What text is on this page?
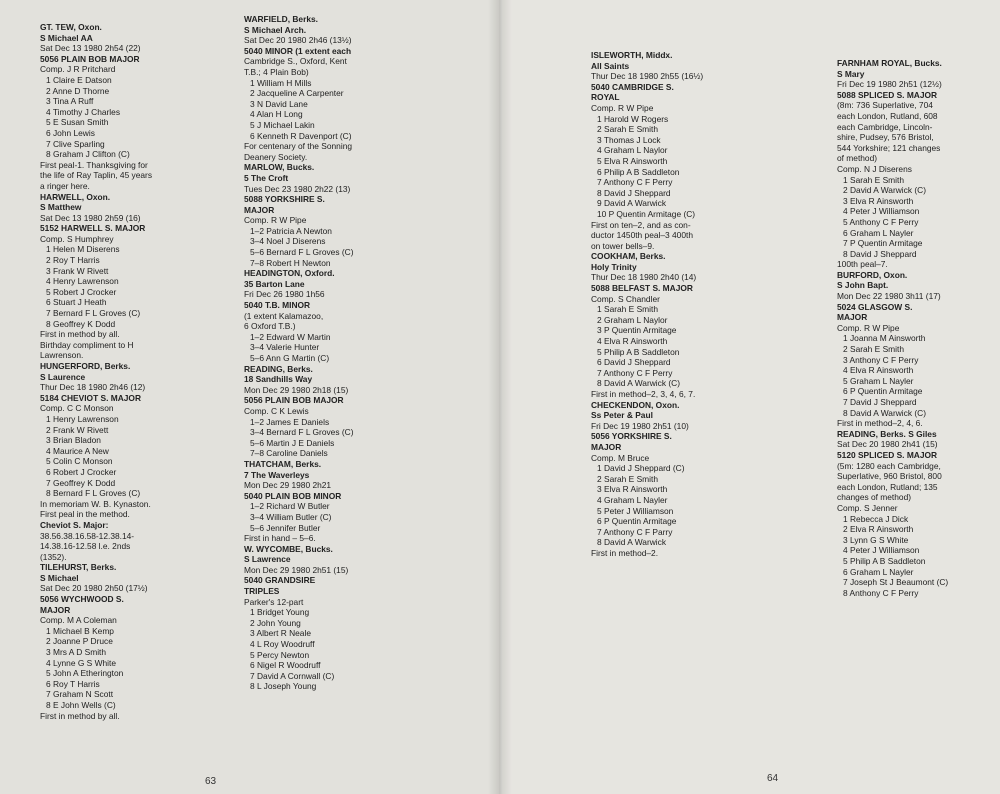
GT. TEW, Oxon.
S Michael AA
Sat Dec 13 1980 2h54 (22)
5056 PLAIN BOB MAJOR
Comp. J R Pritchard
1 Claire E Datson
2 Anne D Thorne
3 Tina A Ruff
4 Timothy J Charles
5 E Susan Smith
6 John Lewis
7 Clive Sparling
8 Graham J Clifton (C)
First peal-1. Thanksgiving for
the life of Ray Taplin, 45 years
a ringer here.
HARWELL, Oxon.
S Matthew
Sat Dec 13 1980 2h59 (16)
5152 HARWELL S. MAJOR
Comp. S Humphrey
1 Helen M Diserens
2 Roy T Harris
3 Frank W Rivett
4 Henry Lawrenson
5 Robert J Crocker
6 Stuart J Heath
7 Bernard F L Groves (C)
8 Geoffrey K Dodd
First in method by all.
Birthday compliment to H
Lawrenson.
HUNGERFORD, Berks.
S Laurence
Thur Dec 18 1980 2h46 (12)
5184 CHEVIOT S. MAJOR
Comp. C C Monson
1 Henry Lawrenson
2 Frank W Rivett
3 Brian Bladon
4 Maurice A New
5 Colin C Monson
6 Robert J Crocker
7 Geoffrey K Dodd
8 Bernard F L Groves (C)
In memoriam W. B. Kynaston.
First peal in the method.
Cheviot S. Major:
38.56.38.16.58-12.38.14-
14.38.16-12.58 l.e. 2nds
(1352).
TILEHURST, Berks.
S Michael
Sat Dec 20 1980 2h50 (17½)
5056 WYCHWOOD S.
MAJOR
Comp. M A Coleman
1 Michael B Kemp
2 Joanne P Druce
3 Mrs A D Smith
4 Lynne G S White
5 John A Etherington
6 Roy T Harris
7 Graham N Scott
8 E John Wells (C)
First in method by all.
WARFIELD, Berks.
S Michael Arch.
Sat Dec 20 1980 2h46 (13½)
5040 MINOR (1 extent each
Cambridge S., Oxford, Kent
T.B.; 4 Plain Bob)
1 William H Mills
2 Jacqueline A Carpenter
3 N David Lane
4 Alan H Long
5 J Michael Lakin
6 Kenneth R Davenport (C)
For centenary of the Sonning
Deanery Society.
MARLOW, Bucks.
5 The Croft
Tues Dec 23 1980 2h22 (13)
5088 YORKSHIRE S.
MAJOR
Comp. R W Pipe
1–2 Patricia A Newton
3–4 Noel J Diserens
5–6 Bernard F L Groves (C)
7–8 Robert H Newton
HEADINGTON, Oxford.
35 Barton Lane
Fri Dec 26 1980 1h56
5040 T.B. MINOR
(1 extent Kalamazoo,
6 Oxford T.B.)
1–2 Edward W Martin
3–4 Valerie Hunter
5–6 Ann G Martin (C)
READING, Berks.
18 Sandhills Way
Mon Dec 29 1980 2h18 (15)
5056 PLAIN BOB MAJOR
Comp. C K Lewis
1–2 James E Daniels
3–4 Bernard F L Groves (C)
5–6 Martin J E Daniels
7–8 Caroline Daniels
THATCHAM, Berks.
7 The Waverleys
Mon Dec 29 1980 2h21
5040 PLAIN BOB MINOR
1–2 Richard W Butler
3–4 William Butler (C)
5–6 Jennifer Butler
First in hand – 5–6.
W. WYCOMBE, Bucks.
S Lawrence
Mon Dec 29 1980 2h51 (15)
5040 GRANDSIRE
TRIPLES
Parker's 12-part
1 Bridget Young
2 John Young
3 Albert R Neale
4 L Roy Woodruff
5 Percy Newton
6 Nigel R Woodruff
7 David A Cornwall (C)
8 L Joseph Young
63
ISLEWORTH, Middx.
All Saints
Thur Dec 18 1980 2h55 (16½)
5040 CAMBRIDGE S.
ROYAL
Comp. R W Pipe
1 Harold W Rogers
2 Sarah E Smith
3 Thomas J Lock
4 Graham L Naylor
5 Elva R Ainsworth
6 Philip A B Saddleton
7 Anthony C F Perry
8 David J Sheppard
9 David A Warwick
10 P Quentin Armitage (C)
First on ten–2, and as con-
ductor 1450th peal–3 400th
on tower bells–9.
COOKHAM, Berks.
Holy Trinity
Thur Dec 18 1980 2h40 (14)
5088 BELFAST S. MAJOR
Comp. S Chandler
1 Sarah E Smith
2 Graham L Naylor
3 P Quentin Armitage
4 Elva R Ainsworth
5 Philip A B Saddleton
6 David J Sheppard
7 Anthony C F Perry
8 David A Warwick (C)
First in method–2, 3, 4, 6, 7.
CHECKENDON, Oxon.
Ss Peter & Paul
Fri Dec 19 1980 2h51 (10)
5056 YORKSHIRE S.
MAJOR
Comp. M Bruce
1 David J Sheppard (C)
2 Sarah E Smith
3 Elva R Ainsworth
4 Graham L Nayler
5 Peter J Williamson
6 P Quentin Armitage
7 Anthony C F Parry
8 David A Warwick
First in method–2.
FARNHAM ROYAL, Bucks.
S Mary
Fri Dec 19 1980 2h51 (12½)
5088 SPLICED S. MAJOR
(8m: 736 Superlative, 704
each London, Rutland, 608
each Cambridge, Lincoln-
shire, Pudsey, 576 Bristol,
544 Yorkshire; 121 changes
of method)
Comp. N J Diserens
1 Sarah E Smith
2 David A Warwick (C)
3 Elva R Ainsworth
4 Peter J Williamson
5 Anthony C F Perry
6 Graham L Nayler
7 P Quentin Armitage
8 David J Sheppard
100th peal–7.
BURFORD, Oxon.
S John Bapt.
Mon Dec 22 1980 3h11 (17)
5024 GLASGOW S.
MAJOR
Comp. R W Pipe
1 Joanna M Ainsworth
2 Sarah E Smith
3 Anthony C F Perry
4 Elva R Ainsworth
5 Graham L Nayler
6 P Quentin Armitage
7 David J Sheppard
8 David A Warwick (C)
First in method–2, 4, 6.
READING, Berks. S Giles
Sat Dec 20 1980 2h41 (15)
5120 SPLICED S. MAJOR
(5m: 1280 each Cambridge,
Superlative, 960 Bristol, 800
each London, Rutland; 135
changes of method)
Comp. S Jenner
1 Rebecca J Dick
2 Elva R Ainsworth
3 Lynn G S White
4 Peter J Williamson
5 Philip A B Saddleton
6 Graham L Nayler
7 Joseph St J Beaumont (C)
8 Anthony C F Perry
64
